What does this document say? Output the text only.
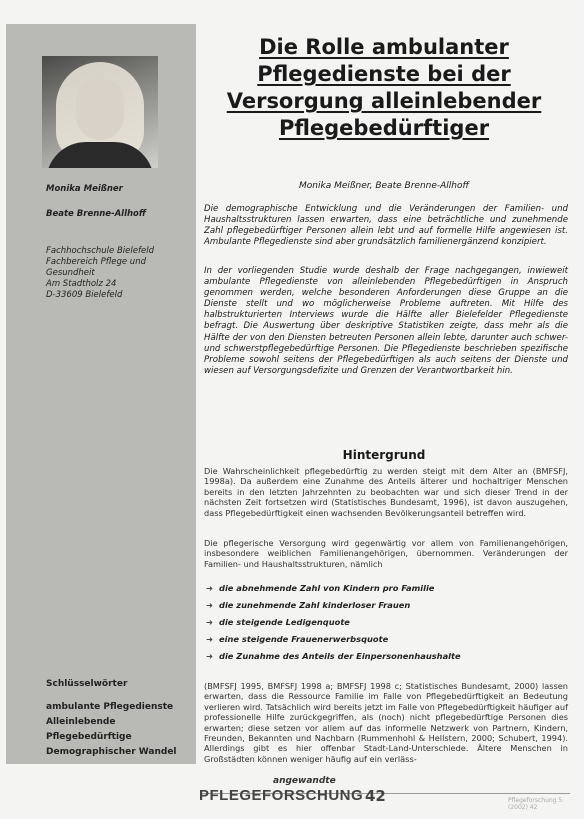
Monika Meißner
Beate Brenne-Allhoff
Fachhochschule Bielefeld
Fachbereich Pflege und
Gesundheit
Am Stadtholz 24
D-33609 Bielefeld
Schlüsselwörter
ambulante Pflegedienste
Alleinlebende
Pflegebedürftige
Demographischer Wandel
Die Rolle ambulanter Pflegedienste bei der Versorgung alleinlebender Pflegebedürftiger
Monika Meißner, Beate Brenne-Allhoff
Die demographische Entwicklung und die Veränderungen der Familien- und Haushaltsstrukturen lassen erwarten, dass eine beträchtliche und zunehmende Zahl pflegebedürftiger Personen allein lebt und auf formelle Hilfe angewiesen ist. Ambulante Pflegedienste sind aber grundsätzlich familienergänzend konzipiert.
In der vorliegenden Studie wurde deshalb der Frage nachgegangen, inwieweit ambulante Pflegedienste von alleinlebenden Pflegebedürftigen in Anspruch genommen werden, welche besonderen Anforderungen diese Gruppe an die Dienste stellt und wo möglicherweise Probleme auftreten. Mit Hilfe des halbstrukturierten Interviews wurde die Hälfte aller Bielefelder Pflegedienste befragt. Die Auswertung über deskriptive Statistiken zeigte, dass mehr als die Hälfte der von den Diensten betreuten Personen allein lebte, darunter auch schwer- und schwerstpflegebedürftige Personen. Die Pflegedienste beschrieben spezifische Probleme sowohl seitens der Pflegebedürftigen als auch seitens der Dienste und wiesen auf Versorgungsdefizite und Grenzen der Verantwortbarkeit hin.
Hintergrund
Die Wahrscheinlichkeit pflegebedürftig zu werden steigt mit dem Alter an (BMFSFJ, 1998a). Da außerdem eine Zunahme des Anteils älterer und hochaltriger Menschen bereits in den letzten Jahrzehnten zu beobachten war und sich dieser Trend in der nächsten Zeit fortsetzen wird (Statistisches Bundesamt, 1996), ist davon auszugehen, dass Pflegebedürftigkeit einen wachsenden Bevölkerungsanteil betreffen wird.
Die pflegerische Versorgung wird gegenwärtig vor allem von Familienangehörigen, insbesondere weiblichen Familienangehörigen, übernommen. Veränderungen der Familien- und Haushaltsstrukturen, nämlich
➜ die abnehmende Zahl von Kindern pro Familie
➜ die zunehmende Zahl kinderloser Frauen
➜ die steigende Ledigenquote
➜ eine steigende Frauenerwerbsquote
➜ die Zunahme des Anteils der Einpersonenhaushalte
(BMFSFJ 1995, BMFSFJ 1998 a; BMFSFJ 1998 c; Statistisches Bundesamt, 2000) lassen erwarten, dass die Ressource Familie im Falle von Pflegebedürftigkeit an Bedeutung verlieren wird. Tatsächlich wird bereits jetzt im Falle von Pflegebedürftigkeit häufiger auf professionelle Hilfe zurückgegriffen, als (noch) nicht pflegebedürftige Personen dies erwarten; diese setzen vor allem auf das informelle Netzwerk von Partnern, Kindern, Freunden, Bekannten und Nachbarn (Rummenhohl & Hellstern, 2000; Schubert, 1994). Allerdings gibt es hier offenbar Stadt-Land-Unterschiede. Ältere Menschen in Großstädten können weniger häufig auf ein verläss-
angewandte
PFLEGEFORSCHUNG 42	Pflegeforschung 5 (2002) 42
